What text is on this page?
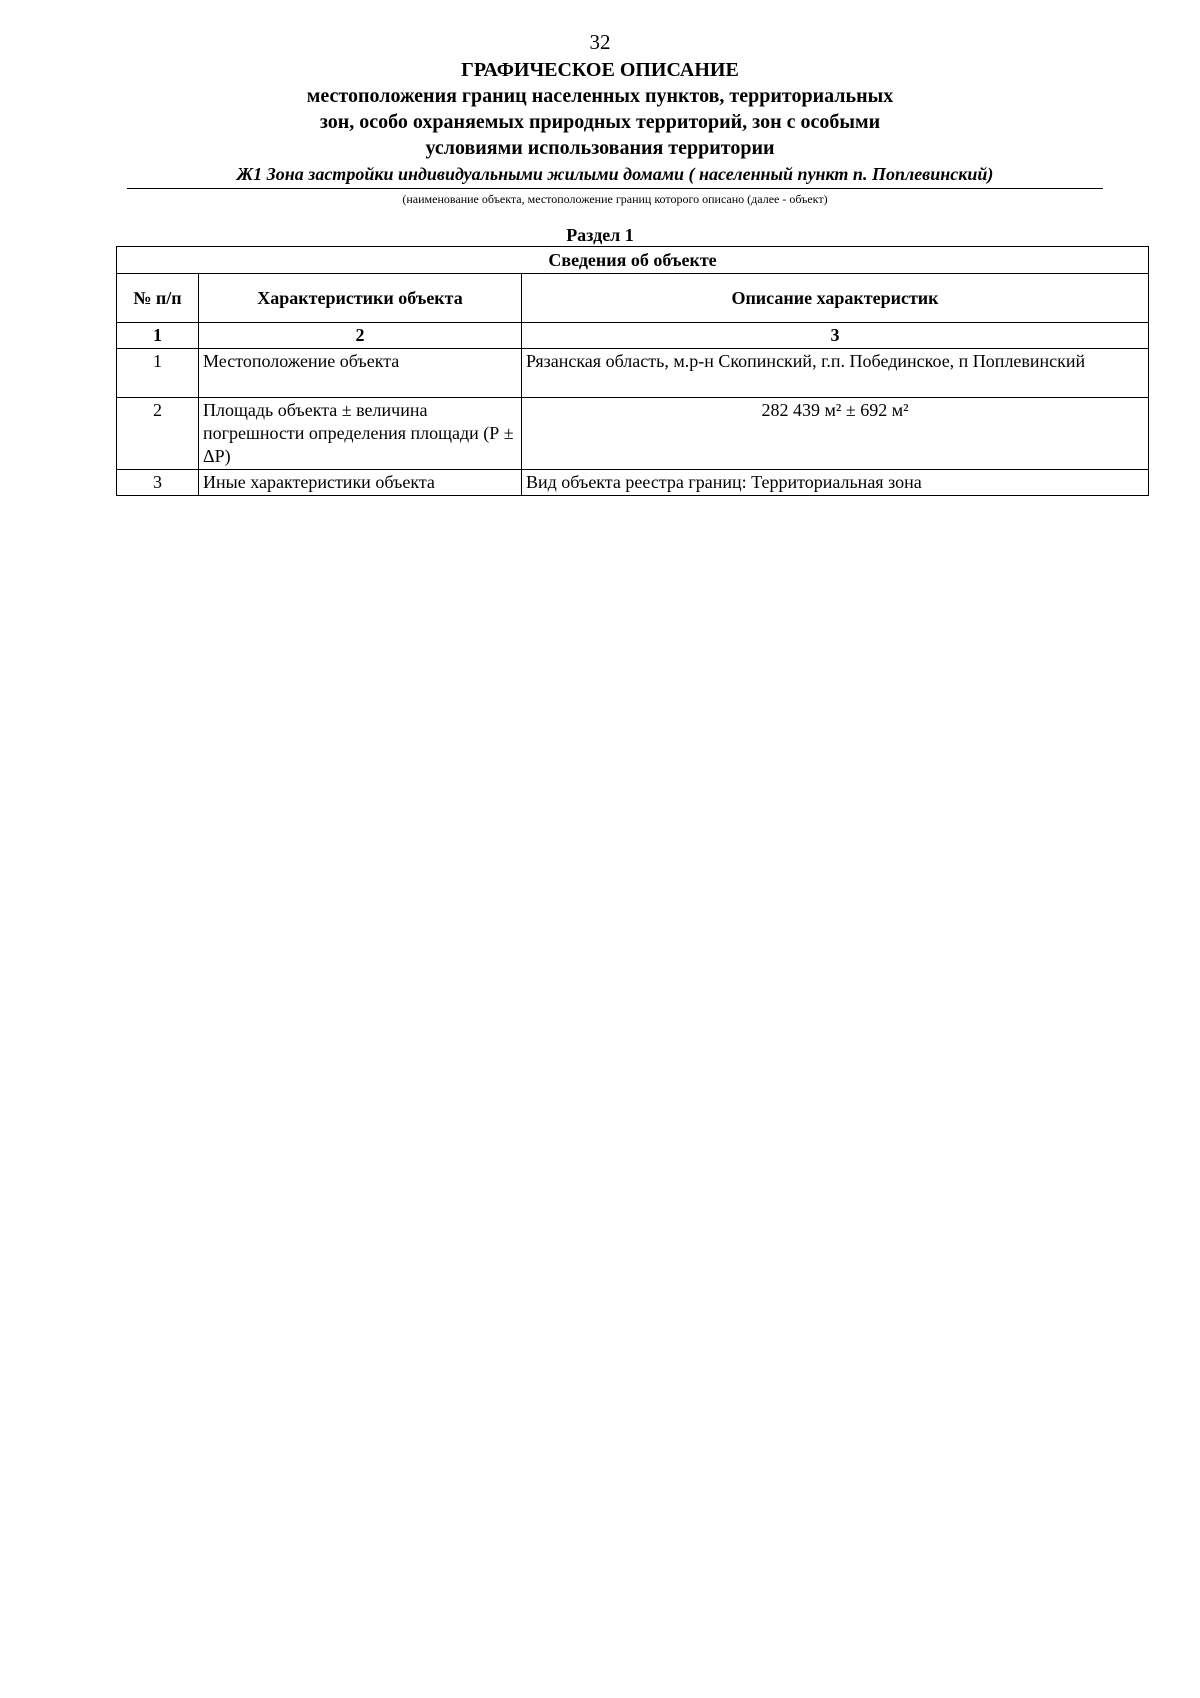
32
ГРАФИЧЕСКОЕ ОПИСАНИЕ
местоположения границ населенных пунктов, территориальных
зон, особо охраняемых природных территорий, зон с особыми
условиями использования территории
Ж1 Зона застройки индивидуальными жилыми домами ( населенный пункт п. Поплевинский)
(наименование объекта, местоположение границ которого описано (далее - объект)
Раздел 1
Сведения об объекте		
№ п/п	Характеристики объекта	Описание характеристик
1	2	3
1	Местоположение объекта	Рязанская область, м.р-н Скопинский, г.п. Побединское, п Поплевинский
2	Площадь объекта ± величина погрешности определения площади (Р ± ΔР)	282 439 м² ± 692 м²
3	Иные характеристики объекта	Вид объекта реестра границ: Территориальная зона
